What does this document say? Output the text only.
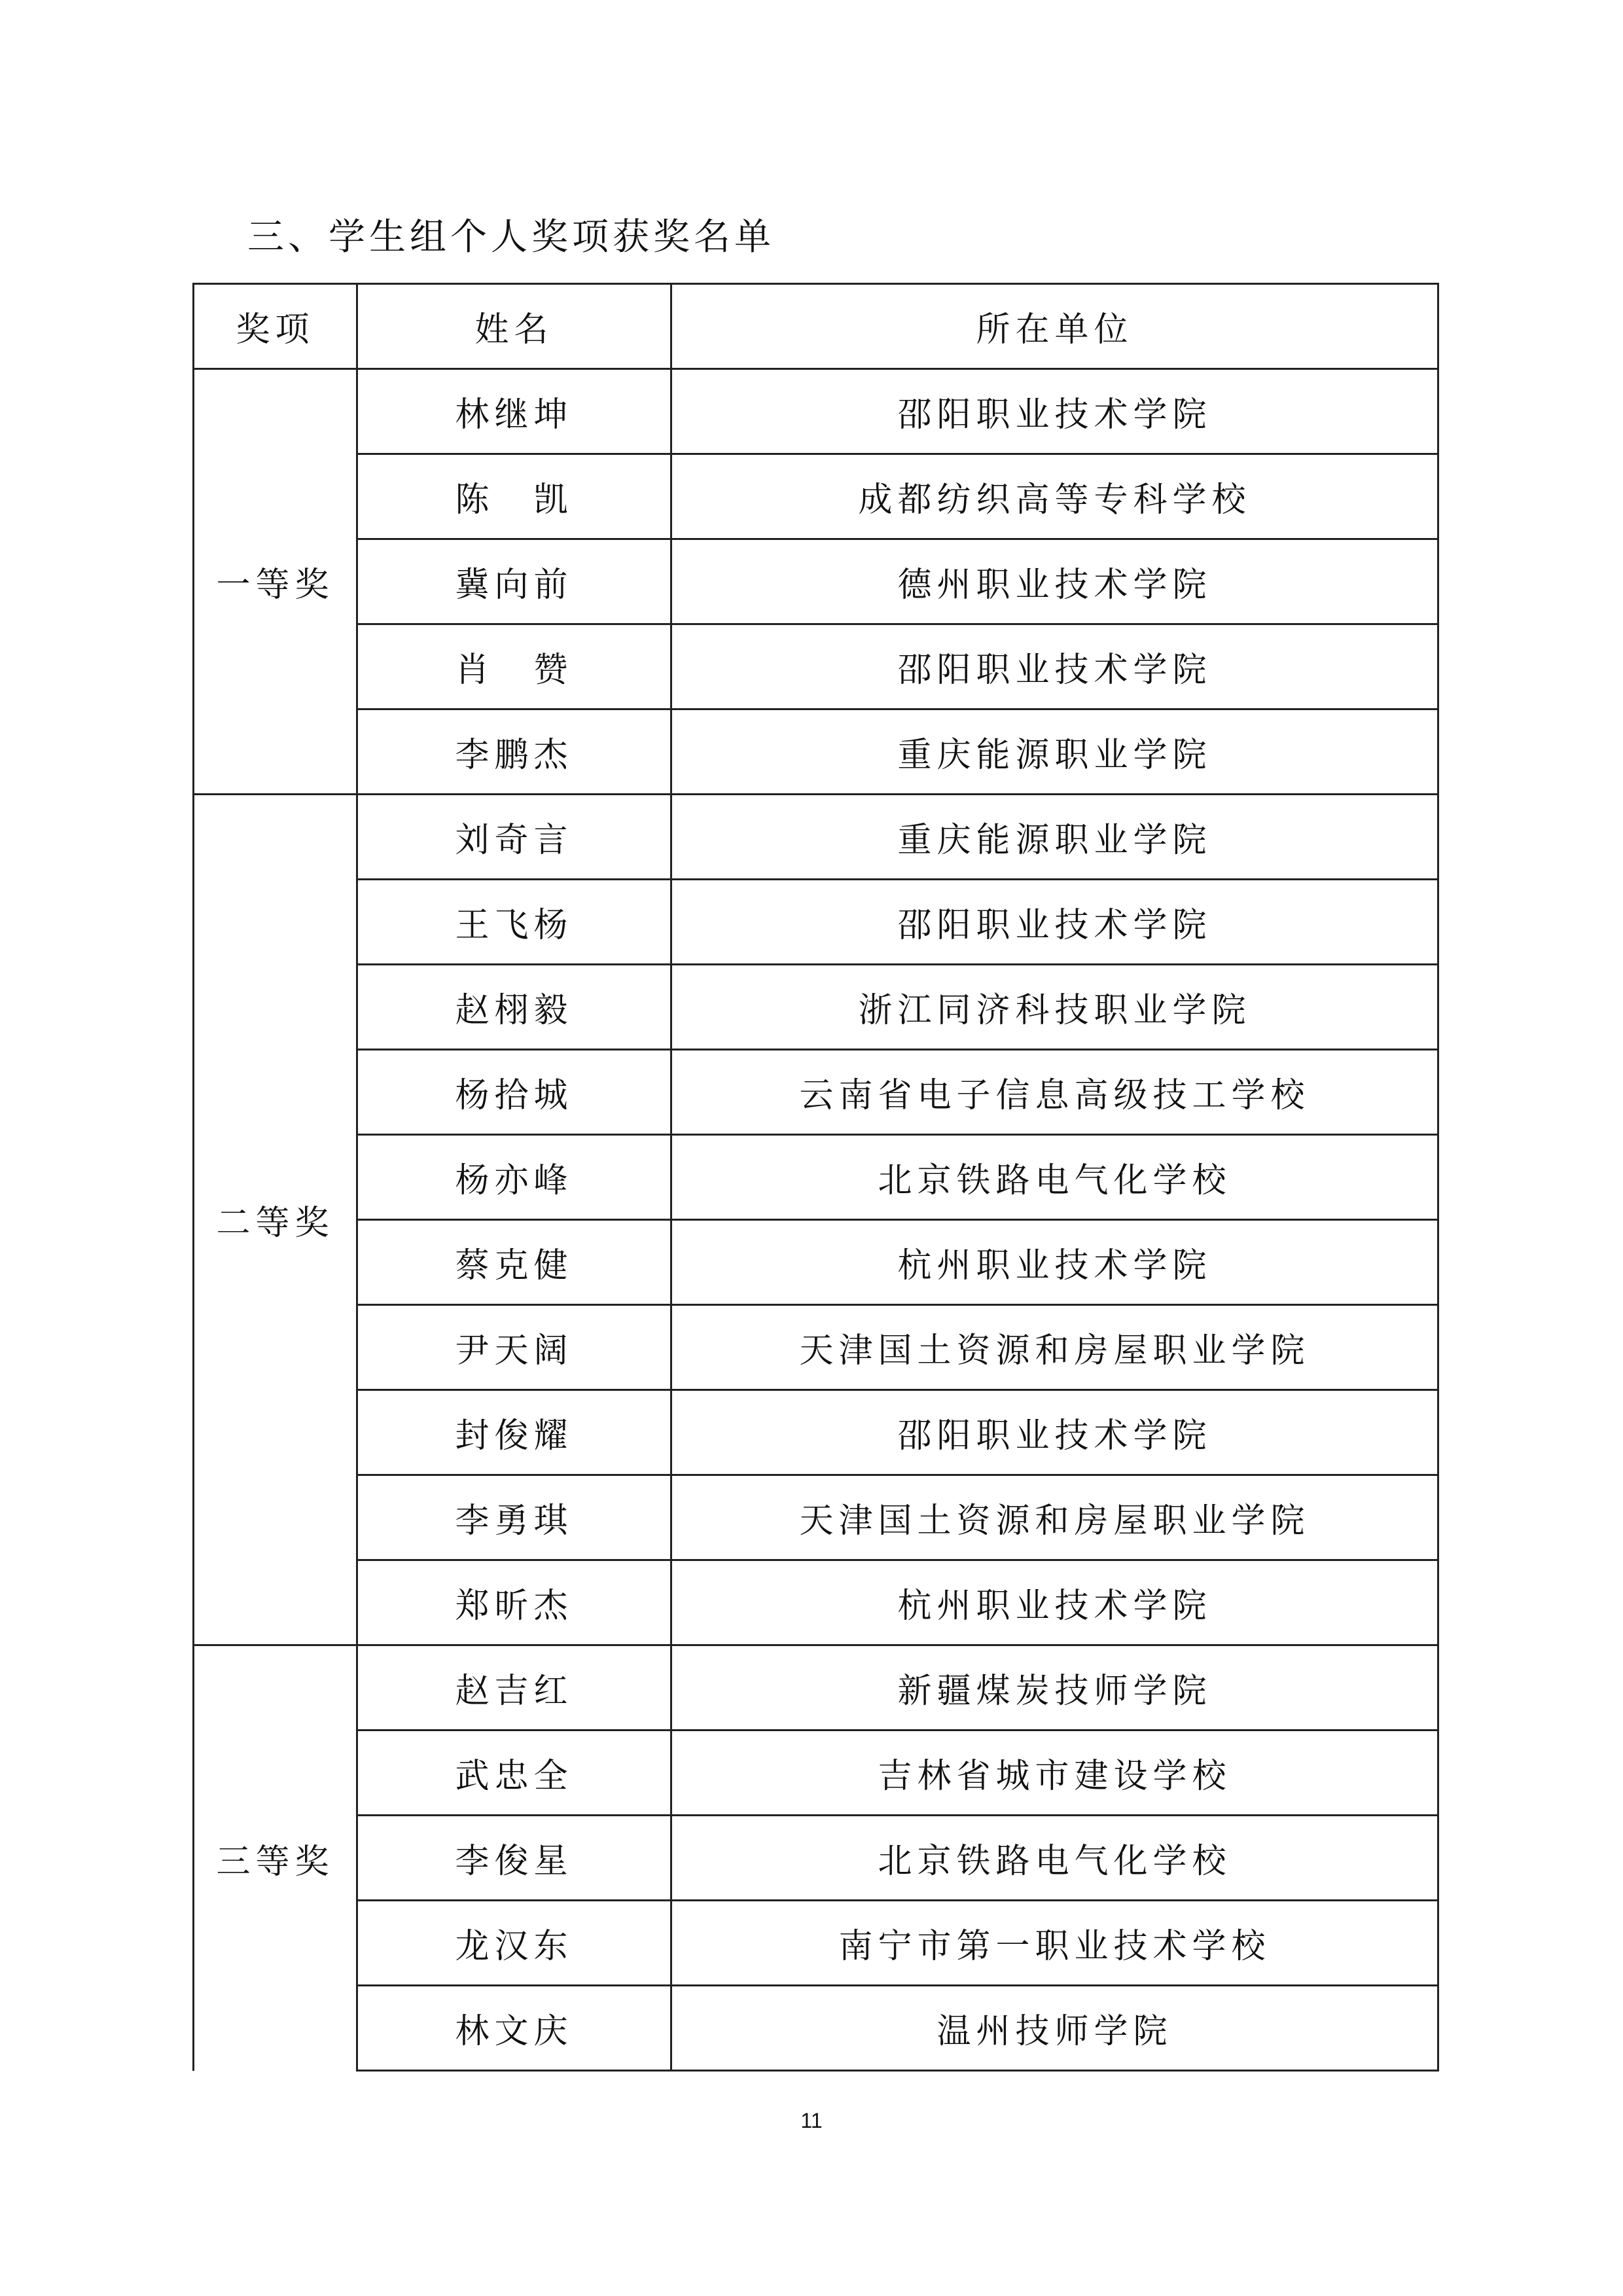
三、学生组个人奖项获奖名单
奖项	姓名	所在单位
一等奖	林继坤	邵阳职业技术学院
	陈　凯	成都纺织高等专科学校
	冀向前	德州职业技术学院
	肖　赞	邵阳职业技术学院
	李鹏杰	重庆能源职业学院
二等奖	刘奇言	重庆能源职业学院
	王飞杨	邵阳职业技术学院
	赵栩毅	浙江同济科技职业学院
	杨拾城	云南省电子信息高级技工学校
	杨亦峰	北京铁路电气化学校
	蔡克健	杭州职业技术学院
	尹天阔	天津国土资源和房屋职业学院
	封俊耀	邵阳职业技术学院
	李勇琪	天津国土资源和房屋职业学院
	郑昕杰	杭州职业技术学院
三等奖	赵吉红	新疆煤炭技师学院
	武忠全	吉林省城市建设学校
	李俊星	北京铁路电气化学校
	龙汉东	南宁市第一职业技术学校
	林文庆	温州技师学院
11
